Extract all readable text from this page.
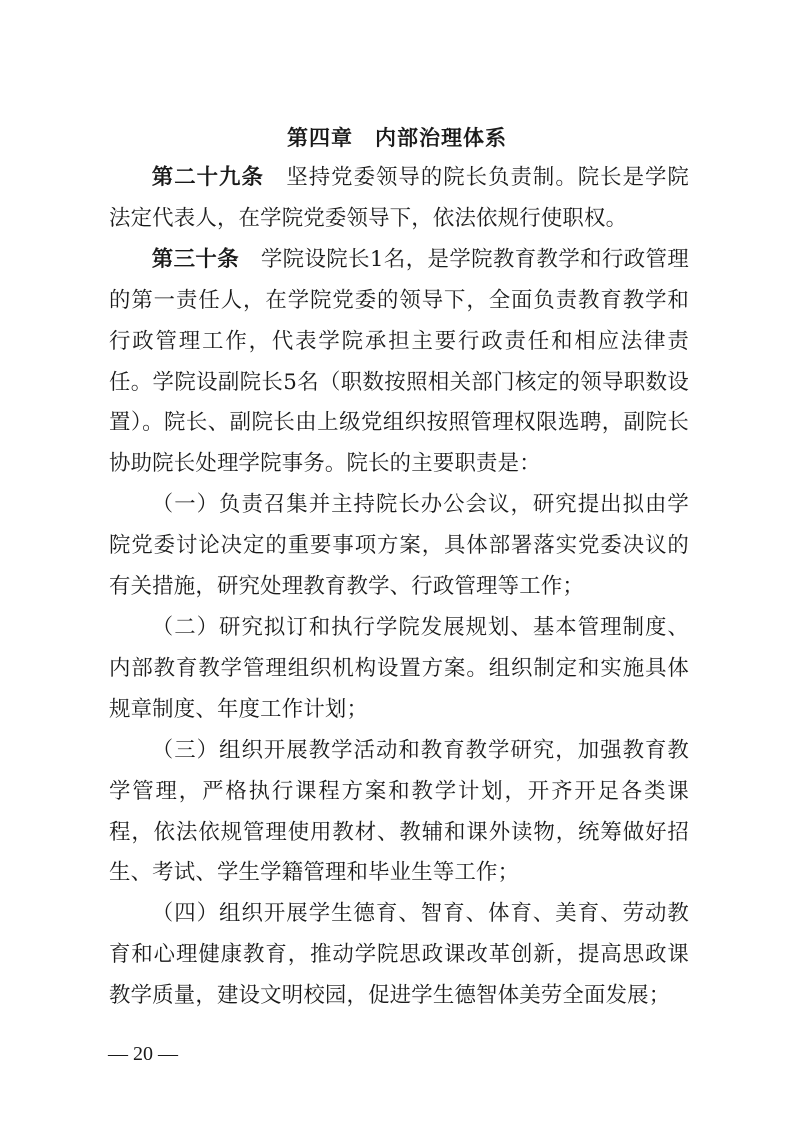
第四章　内部治理体系

第二十九条　 坚持党委领导的院长负责制。院长是学院法定代表人，在学院党委领导下，依法依规行使职权。

第三十条　 学院设院长1名，是学院教育教学和行政管理的第一责任人，在学院党委的领导下，全面负责教育教学和行政管理工作，代表学院承担主要行政责任和相应法律责任。学院设副院长5名（职数按照相关部门核定的领导职数设置）。院长、副院长由上级党组织按照管理权限选聘，副院长协助院长处理学院事务。院长的主要职责是：

（一）负责召集并主持院长办公会议，研究提出拟由学院党委讨论决定的重要事项方案，具体部署落实党委决议的有关措施，研究处理教育教学、行政管理等工作；

（二）研究拟订和执行学院发展规划、基本管理制度、内部教育教学管理组织机构设置方案。组织制定和实施具体规章制度、年度工作计划；

（三）组织开展教学活动和教育教学研究，加强教育教学管理，严格执行课程方案和教学计划，开齐开足各类课程，依法依规管理使用教材、教辅和课外读物，统筹做好招生、考试、学生学籍管理和毕业生等工作；

（四）组织开展学生德育、智育、体育、美育、劳动教育和心理健康教育，推动学院思政课改革创新，提高思政课教学质量，建设文明校园，促进学生德智体美劳全面发展；

— 20 —
